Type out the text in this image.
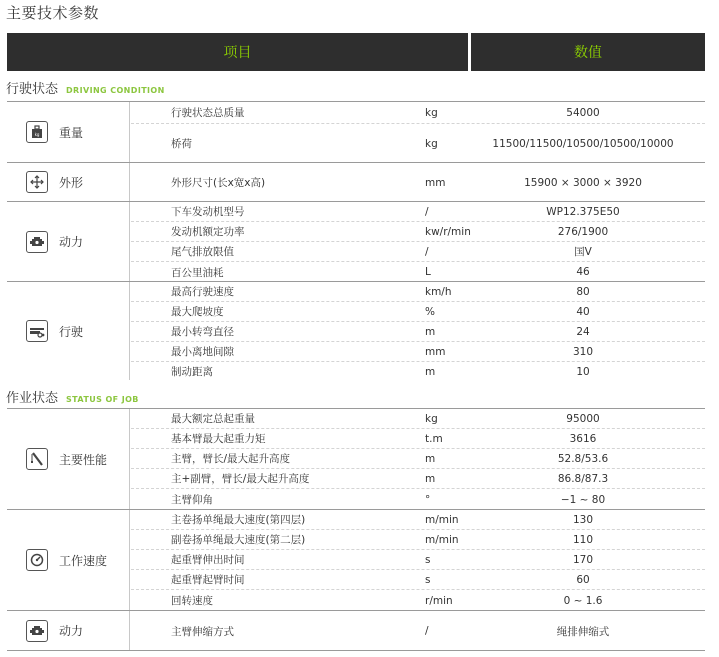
主要技术参数
项目	数值
行驶状态 DRIVING CONDITION
kg 重量
行驶状态总质量	kg	54000
桥荷	kg	11500/11500/10500/10500/10000
外形	外形尺寸(长x宽x高)	mm	15900 × 3000 × 3920
动力
下车发动机型号	/	WP12.375E50
发动机额定功率	kw/r/min	276/1900
尾气排放限值	/	国V
百公里油耗	L	46
行驶
最高行驶速度	km/h	80
最大爬坡度	%	40
最小转弯直径	m	24
最小离地间隙	mm	310
制动距离	m	10
作业状态 STATUS OF JOB
主要性能
最大额定总起重量	kg	95000
基本臂最大起重力矩	t.m	3616
主臂，臂长/最大起升高度	m	52.8/53.6
主+副臂，臂长/最大起升高度	m	86.8/87.3
主臂仰角	°	−1 ~ 80
工作速度
主卷扬单绳最大速度(第四层)	m/min	130
副卷扬单绳最大速度(第二层)	m/min	110
起重臂伸出时间	s	170
起重臂起臂时间	s	60
回转速度	r/min	0 ~ 1.6
动力	主臂伸缩方式	/	绳排伸缩式
